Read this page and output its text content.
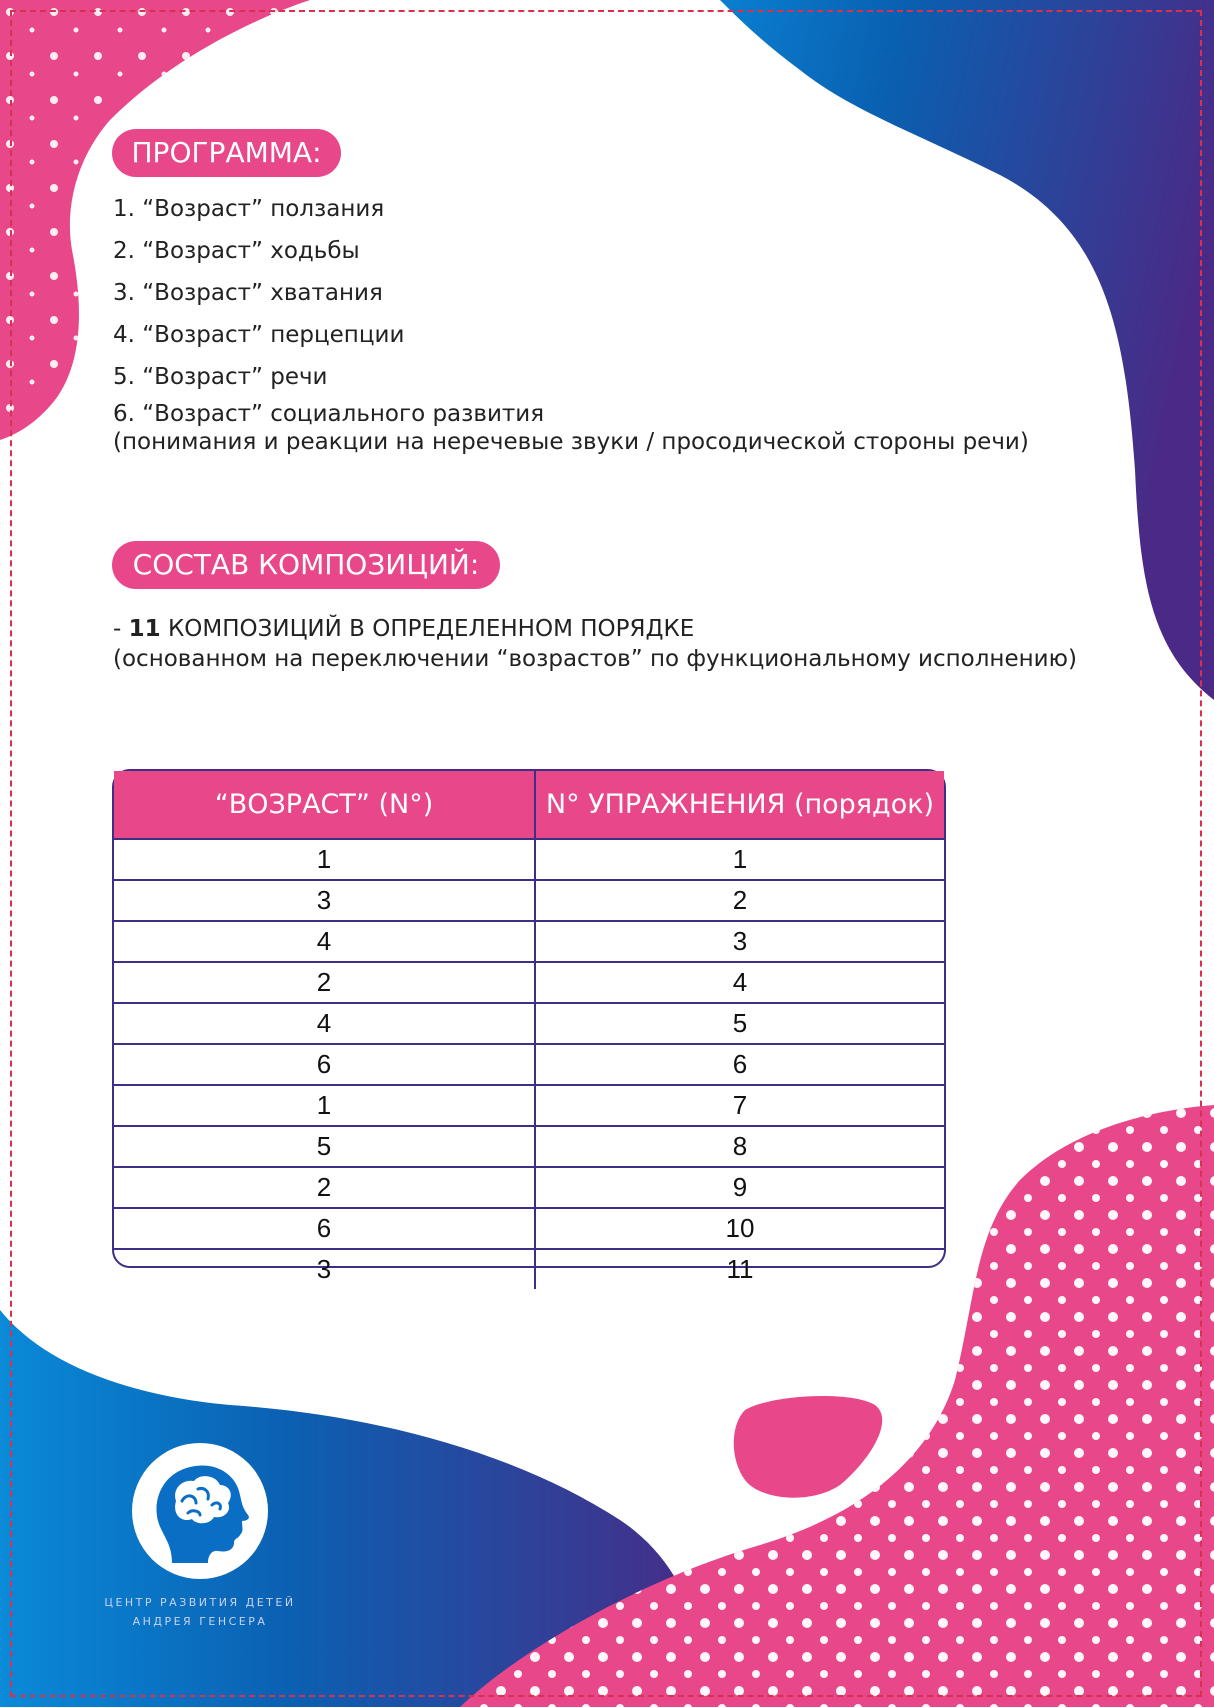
ПРОГРАММА:
1. “Возраст” ползания
2. “Возраст” ходьбы
3. “Возраст” хватания
4. “Возраст” перцепции
5. “Возраст” речи
6. “Возраст” социального развития
(понимания и реакции на неречевые звуки / просодической стороны речи)
СОСТАВ КОМПОЗИЦИЙ:
- 11 КОМПОЗИЦИЙ В ОПРЕДЕЛЕННОМ ПОРЯДКЕ
(основанном на переключении “возрастов” по функциональному исполнению)
“ВОЗРАСТ” (N°)	N° УПРАЖНЕНИЯ (порядок)
1	1
3	2
4	3
2	4
4	5
6	6
1	7
5	8
2	9
6	10
3	11
ЦЕНТР РАЗВИТИЯ ДЕТЕЙ
АНДРЕЯ ГЕНСЕРА
